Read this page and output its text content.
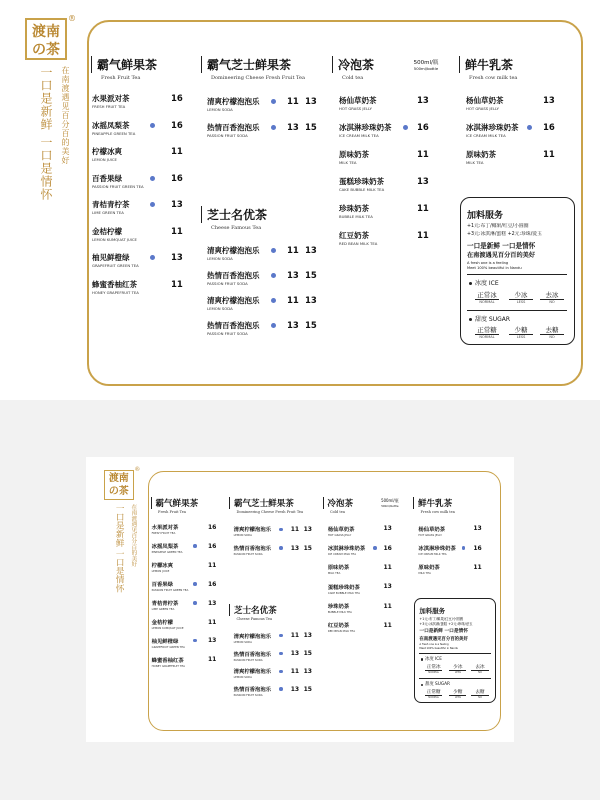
渡南
の茶
®
在南渡遇见百分百的美好
一口是新鲜 一口是情怀
霸气鲜果茶
Fresh Fruit Tea
水果派对茶
FRESH FRUIT TEA
16
冰摇凤梨茶
PINEAPPLE GREEN TEA
16
柠檬冰爽
LEMON JUICE
11
百香果绿
PASSION FRUIT GREEN TEA
16
青桔青柠茶
LIME GREEN TEA
13
金桔柠檬
LEMON KUMQUAT JUICE
11
柚见鲜橙绿
GRAPEFRUIT GREEN TEA
13
蜂蜜香柚红茶
HONEY GRAPEFRUIT TEA
11
霸气芝士鲜果茶
Domineering Cheese Fresh Fruit Tea
清爽柠檬泡泡乐
LEMON SODA
11 13
热情百香泡泡乐
PASSION FRUIT SODA
13 15
芝士名优茶
Cheese Famous Tea
清爽柠檬泡泡乐
LEMON SODA
11 13
热情百香泡泡乐
PASSION FRUIT SODA
13 15
清爽柠檬泡泡乐
LEMON SODA
11 13
热情百香泡泡乐
PASSION FRUIT SODA
13 15
冷泡茶
Cold tea
500ml/瓶
500ml/bottle
杨仙草奶茶
HOT GRASS JELLY
13
冰淇淋珍珠奶茶
ICE CREAM MILK TEA
16
原味奶茶
MILK TEA
11
蛋糕珍珠奶茶
CAKE BUBBLE MILK TEA
13
珍珠奶茶
BUBBLE MILK TEA
11
红豆奶茶
RED BEAN MILK TEA
11
鲜牛乳茶
Fresh cow milk tea
杨仙草奶茶
HOT GRASS JELLY
13
冰淇淋珍珠奶茶
ICE CREAM MILK TEA
16
原味奶茶
MILK TEA
11
加料服务
+1元:布丁/椰果/红豆/小圆圈
+3元:冰淇淋/蛋糕 +2元:珍珠/爱玉
一口是新鲜 一口是情怀
在南渡遇见百分百的美好
A fresh one is a feeling
Meet 100% beautiful in Nandu
冰度 ICE
正常冰
NORMAL
少冰
LESS
去冰
NO
甜度 SUGAR
正常糖
NORMAL
少糖
LESS
去糖
NO
渡南
の茶
®
在南渡遇见百分百的美好
一口是新鲜 一口是情怀
霸气鲜果茶
Fresh Fruit Tea
水果派对茶
FRESH FRUIT TEA
16
冰摇凤梨茶
PINEAPPLE GREEN TEA
16
柠檬冰爽
LEMON JUICE
11
百香果绿
PASSION FRUIT GREEN TEA
16
青桔青柠茶
LIME GREEN TEA
13
金桔柠檬
LEMON KUMQUAT JUICE
11
柚见鲜橙绿
GRAPEFRUIT GREEN TEA
13
蜂蜜香柚红茶
HONEY GRAPEFRUIT TEA
11
霸气芝士鲜果茶
Domineering Cheese Fresh Fruit Tea
清爽柠檬泡泡乐
LEMON SODA
11 13
热情百香泡泡乐
PASSION FRUIT SODA
13 15
芝士名优茶
Cheese Famous Tea
清爽柠檬泡泡乐
LEMON SODA
11 13
热情百香泡泡乐
PASSION FRUIT SODA
13 15
清爽柠檬泡泡乐
LEMON SODA
11 13
热情百香泡泡乐
PASSION FRUIT SODA
13 15
冷泡茶
Cold tea
500ml/瓶
500ml/bottle
杨仙草奶茶
HOT GRASS JELLY
13
冰淇淋珍珠奶茶
ICE CREAM MILK TEA
16
原味奶茶
MILK TEA
11
蛋糕珍珠奶茶
CAKE BUBBLE MILK TEA
13
珍珠奶茶
BUBBLE MILK TEA
11
红豆奶茶
RED BEAN MILK TEA
11
鲜牛乳茶
Fresh cow milk tea
杨仙草奶茶
HOT GRASS JELLY
13
冰淇淋珍珠奶茶
ICE CREAM MILK TEA
16
原味奶茶
MILK TEA
11
加料服务
+1元:布丁/椰果/红豆/小圆圈
+3元:冰淇淋/蛋糕 +2元:珍珠/爱玉
一口是新鲜 一口是情怀
在南渡遇见百分百的美好
A fresh one is a feeling
Meet 100% beautiful in Nandu
冰度 ICE
正常冰
NORMAL
少冰
LESS
去冰
NO
甜度 SUGAR
正常糖
NORMAL
少糖
LESS
去糖
NO
